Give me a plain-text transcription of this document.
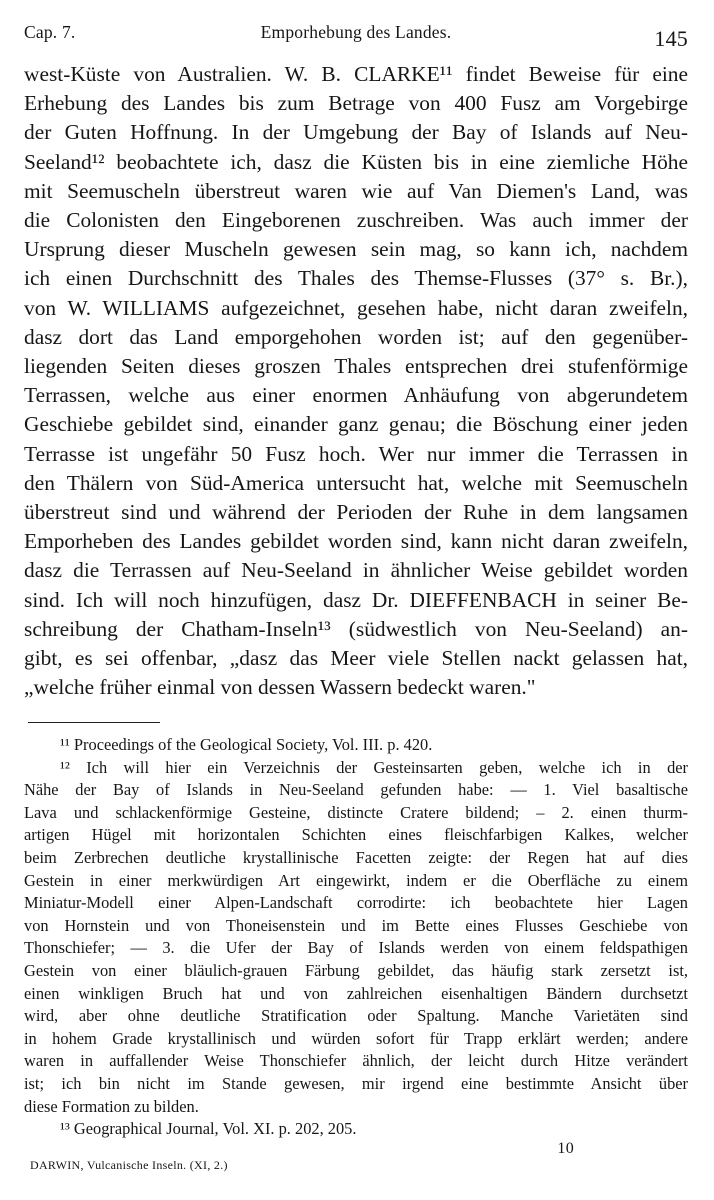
Cap. 7.	Emporhebung des Landes.	145
west-Küste von Australien. W. B. CLARKE¹¹ findet Beweise für eine
Erhebung des Landes bis zum Betrage von 400 Fusz am Vorgebirge
der Guten Hoffnung. In der Umgebung der Bay of Islands auf Neu-
Seeland¹² beobachtete ich, dasz die Küsten bis in eine ziemliche Höhe
mit Seemuscheln überstreut waren wie auf Van Diemen's Land, was
die Colonisten den Eingeborenen zuschreiben. Was auch immer der
Ursprung dieser Muscheln gewesen sein mag, so kann ich, nachdem
ich einen Durchschnitt des Thales des Themse-Flusses (37° s. Br.),
von W. WILLIAMS aufgezeichnet, gesehen habe, nicht daran zweifeln,
dasz dort das Land emporgehohen worden ist; auf den gegenüber-
liegenden Seiten dieses groszen Thales entsprechen drei stufenförmige
Terrassen, welche aus einer enormen Anhäufung von abgerundetem
Geschiebe gebildet sind, einander ganz genau; die Böschung einer jeden
Terrasse ist ungefähr 50 Fusz hoch. Wer nur immer die Terrassen in
den Thälern von Süd-America untersucht hat, welche mit Seemuscheln
überstreut sind und während der Perioden der Ruhe in dem langsamen
Emporheben des Landes gebildet worden sind, kann nicht daran zweifeln,
dasz die Terrassen auf Neu-Seeland in ähnlicher Weise gebildet worden
sind. Ich will noch hinzufügen, dasz Dr. DIEFFENBACH in seiner Be-
schreibung der Chatham-Inseln¹³ (südwestlich von Neu-Seeland) an-
gibt, es sei offenbar, „dasz das Meer viele Stellen nackt gelassen hat,
„welche früher einmal von dessen Wassern bedeckt waren."
¹¹ Proceedings of the Geological Society, Vol. III. p. 420.
¹² Ich will hier ein Verzeichnis der Gesteinsarten geben, welche ich in der
Nähe der Bay of Islands in Neu-Seeland gefunden habe: — 1. Viel basaltische
Lava und schlackenförmige Gesteine, distincte Cratere bildend; – 2. einen thurm-
artigen Hügel mit horizontalen Schichten eines fleischfarbigen Kalkes, welcher
beim Zerbrechen deutliche krystallinische Facetten zeigte: der Regen hat auf dies
Gestein in einer merkwürdigen Art eingewirkt, indem er die Oberfläche zu einem
Miniatur-Modell einer Alpen-Landschaft corrodirte: ich beobachtete hier Lagen
von Hornstein und von Thoneisenstein und im Bette eines Flusses Geschiebe von
Thonschiefer; — 3. die Ufer der Bay of Islands werden von einem feldspathigen
Gestein von einer bläulich-grauen Färbung gebildet, das häufig stark zersetzt ist,
einen winkligen Bruch hat und von zahlreichen eisenhaltigen Bändern durchsetzt
wird, aber ohne deutliche Stratification oder Spaltung. Manche Varietäten sind
in hohem Grade krystallinisch und würden sofort für Trapp erklärt werden; andere
waren in auffallender Weise Thonschiefer ähnlich, der leicht durch Hitze verändert
ist; ich bin nicht im Stande gewesen, mir irgend eine bestimmte Ansicht über
diese Formation zu bilden.
¹³ Geographical Journal, Vol. XI. p. 202, 205.
DARWIN, Vulcanische Inseln. (XI, 2.)
10
